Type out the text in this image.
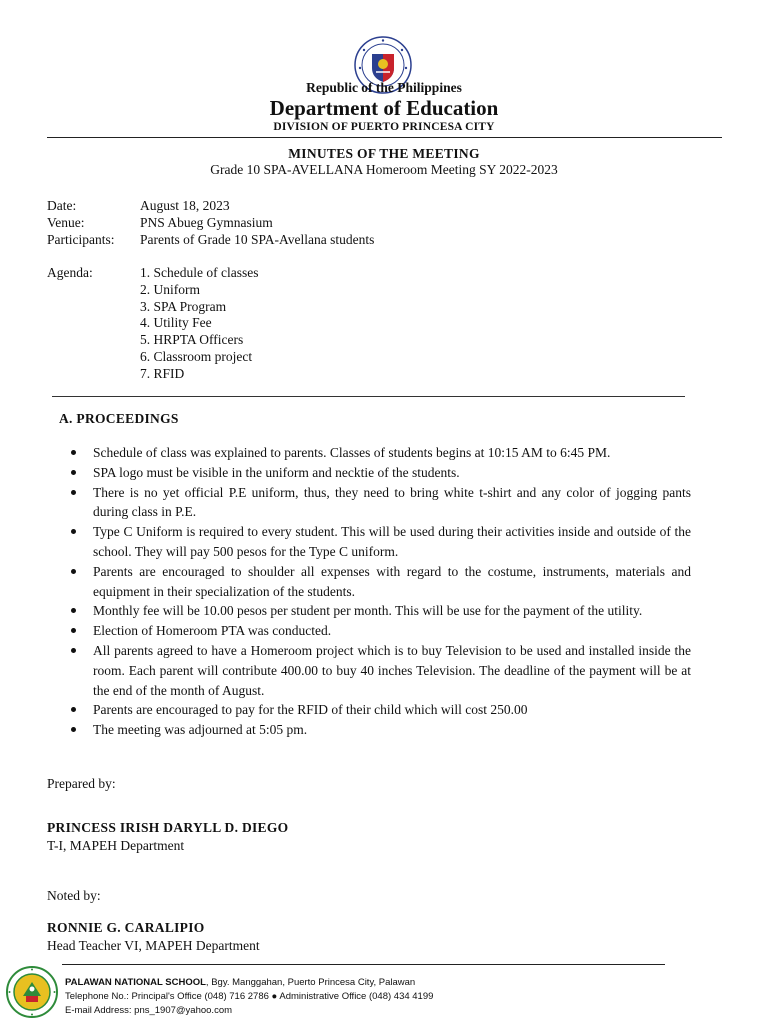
Republic of the Philippines
Department of Education
DIVISION OF PUERTO PRINCESA CITY
MINUTES OF THE MEETING
Grade 10 SPA-AVELLANA Homeroom Meeting SY 2022-2023
Date:	August 18, 2023
Venue:	PNS Abueg Gymnasium
Participants: Parents of Grade 10 SPA-Avellana students
Agenda:	1. Schedule of classes
2. Uniform
3. SPA Program
4. Utility Fee
5. HRPTA Officers
6. Classroom project
7. RFID
A. PROCEEDINGS
Schedule of class was explained to parents. Classes of students begins at 10:15 AM to 6:45 PM.
SPA logo must be visible in the uniform and necktie of the students.
There is no yet official P.E uniform, thus, they need to bring white t-shirt and any color of jogging pants during class in P.E.
Type C Uniform is required to every student. This will be used during their activities inside and outside of the school. They will pay 500 pesos for the Type C uniform.
Parents are encouraged to shoulder all expenses with regard to the costume, instruments, materials and equipment in their specialization of the students.
Monthly fee will be 10.00 pesos per student per month. This will be use for the payment of the utility.
Election of Homeroom PTA was conducted.
All parents agreed to have a Homeroom project which is to buy Television to be used and installed inside the room. Each parent will contribute 400.00 to buy 40 inches Television. The deadline of the payment will be at the end of the month of August.
Parents are encouraged to pay for the RFID of their child which will cost 250.00
The meeting was adjourned at 5:05 pm.
Prepared by:
PRINCESS IRISH DARYLL D. DIEGO
T-I, MAPEH Department
Noted by:
RONNIE G. CARALIPIO
Head Teacher VI, MAPEH Department
PALAWAN NATIONAL SCHOOL, Bgy. Manggahan, Puerto Princesa City, Palawan
Telephone No.: Principal's Office (048) 716 2786 ● Administrative Office (048) 434 4199
E-mail Address: pns_1907@yahoo.com
